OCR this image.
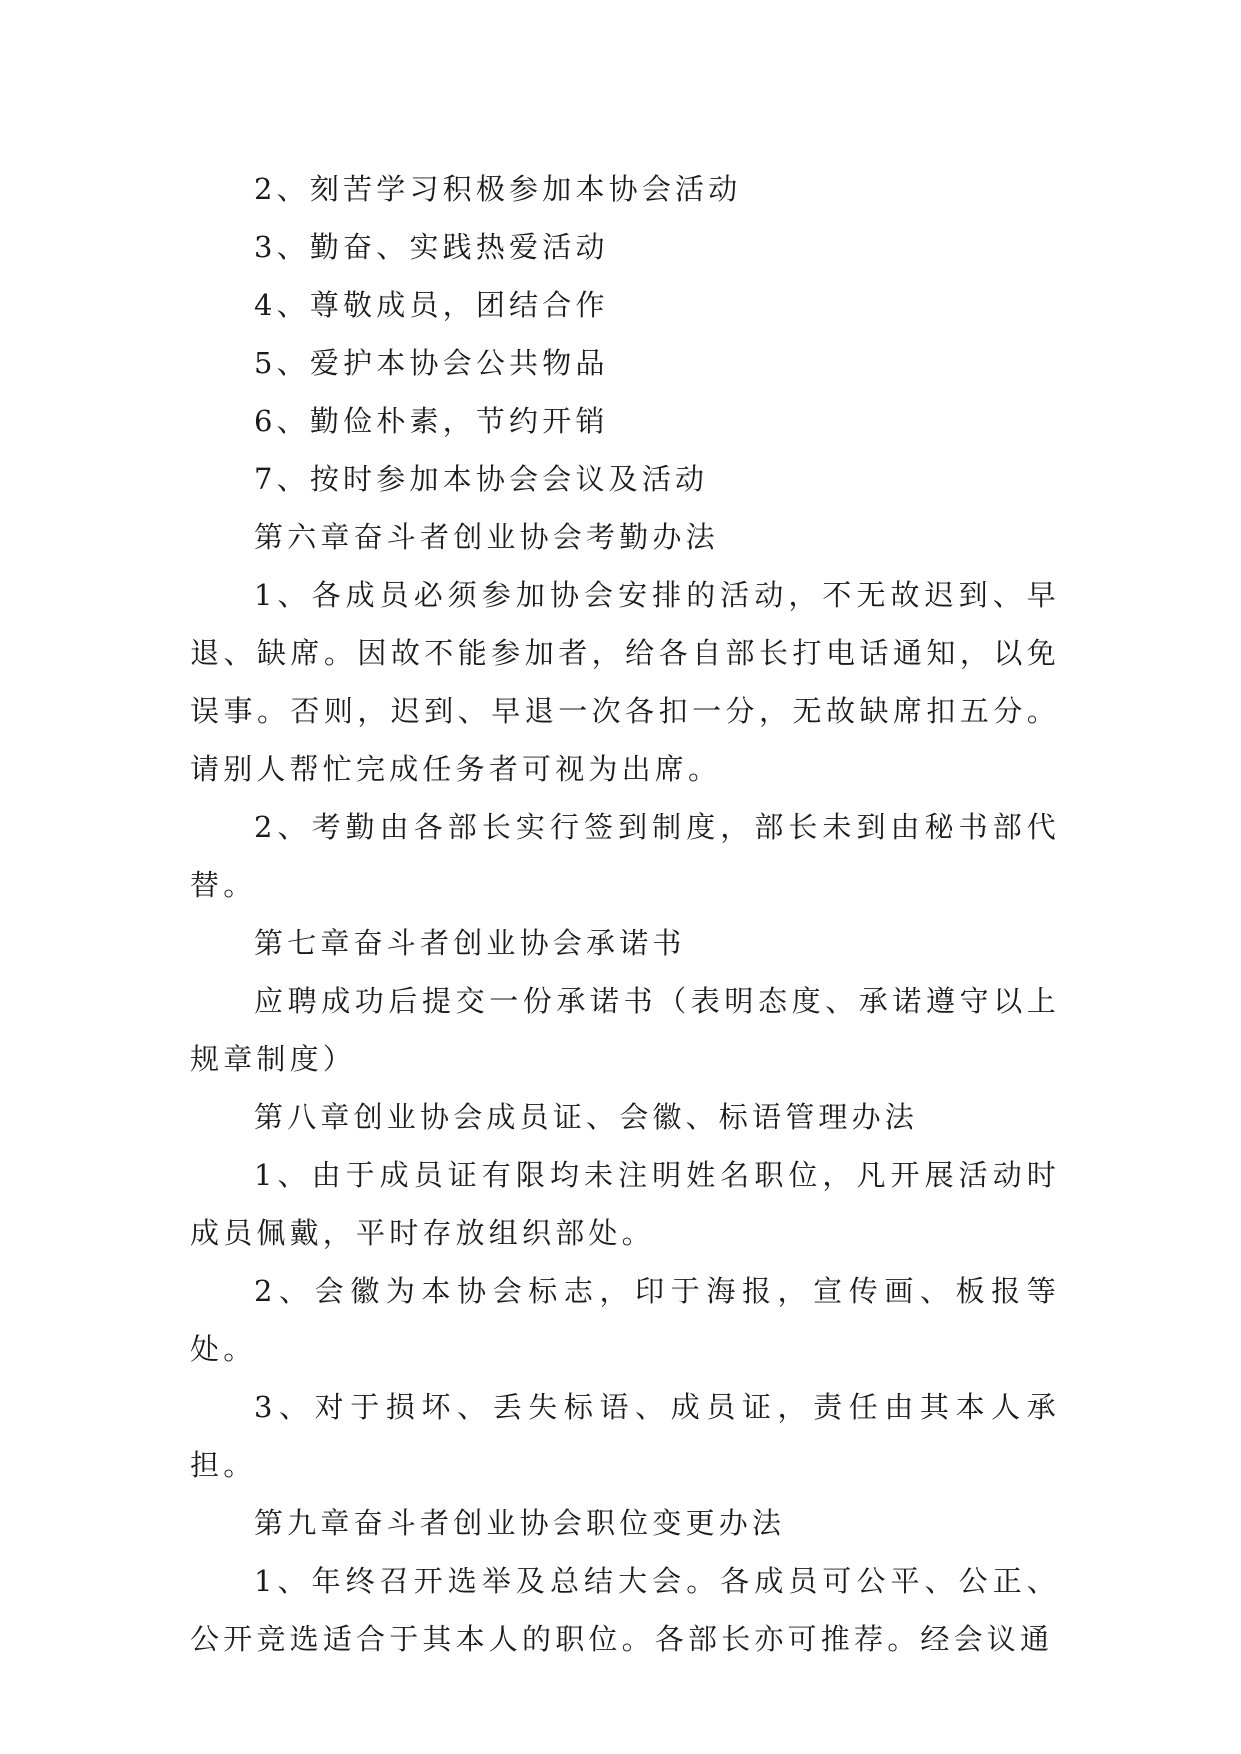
2、刻苦学习积极参加本协会活动

3、勤奋、实践热爱活动

4、尊敬成员，团结合作

5、爱护本协会公共物品

6、勤俭朴素，节约开销

7、按时参加本协会会议及活动

第六章奋斗者创业协会考勤办法

1、各成员必须参加协会安排的活动，不无故迟到、早退、缺席。因故不能参加者，给各自部长打电话通知，以免误事。否则，迟到、早退一次各扣一分，无故缺席扣五分。请别人帮忙完成任务者可视为出席。

2、考勤由各部长实行签到制度，部长未到由秘书部代替。

第七章奋斗者创业协会承诺书

应聘成功后提交一份承诺书（表明态度、承诺遵守以上规章制度）

第八章创业协会成员证、会徽、标语管理办法

1、由于成员证有限均未注明姓名职位，凡开展活动时成员佩戴，平时存放组织部处。

2、会徽为本协会标志，印于海报，宣传画、板报等处。

3、对于损坏、丢失标语、成员证，责任由其本人承担。

第九章奋斗者创业协会职位变更办法

1、年终召开选举及总结大会。各成员可公平、公正、公开竞选适合于其本人的职位。各部长亦可推荐。经会议通
